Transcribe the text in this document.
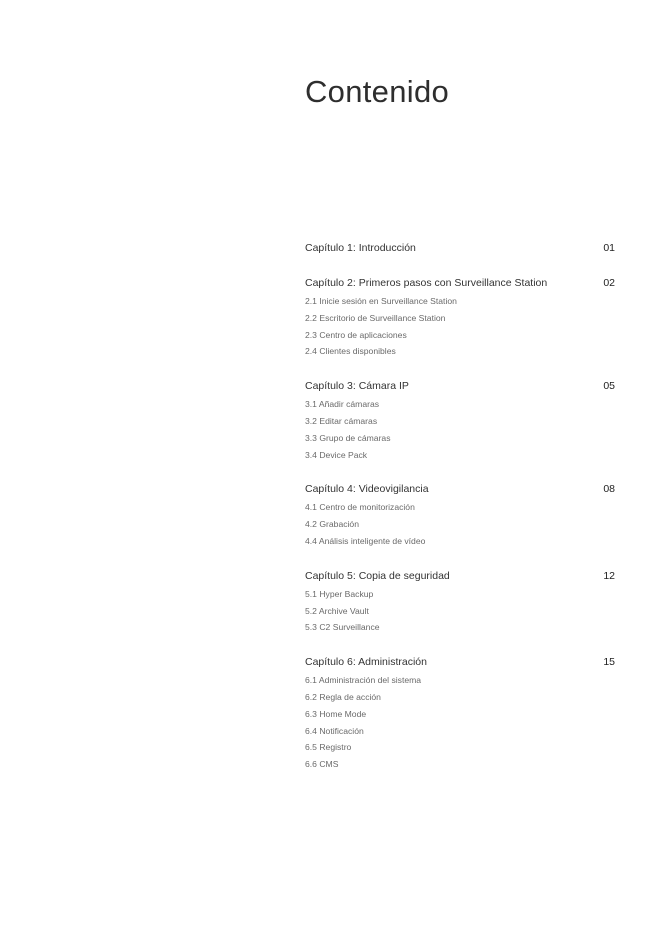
Contenido
Capítulo 1: Introducción	01
Capítulo 2: Primeros pasos con Surveillance Station	02
2.1 Inicie sesión en Surveillance Station
2.2 Escritorio de Surveillance Station
2.3 Centro de aplicaciones
2.4 Clientes disponibles
Capítulo 3: Cámara IP	05
3.1 Añadir cámaras
3.2 Editar cámaras
3.3 Grupo de cámaras
3.4 Device Pack
Capítulo 4: Videovigilancia	08
4.1 Centro de monitorización
4.2 Grabación
4.4 Análisis inteligente de vídeo
Capítulo 5: Copia de seguridad	12
5.1 Hyper Backup
5.2 Archive Vault
5.3 C2 Surveillance
Capítulo 6: Administración	15
6.1 Administración del sistema
6.2 Regla de acción
6.3 Home Mode
6.4 Notificación
6.5 Registro
6.6 CMS
